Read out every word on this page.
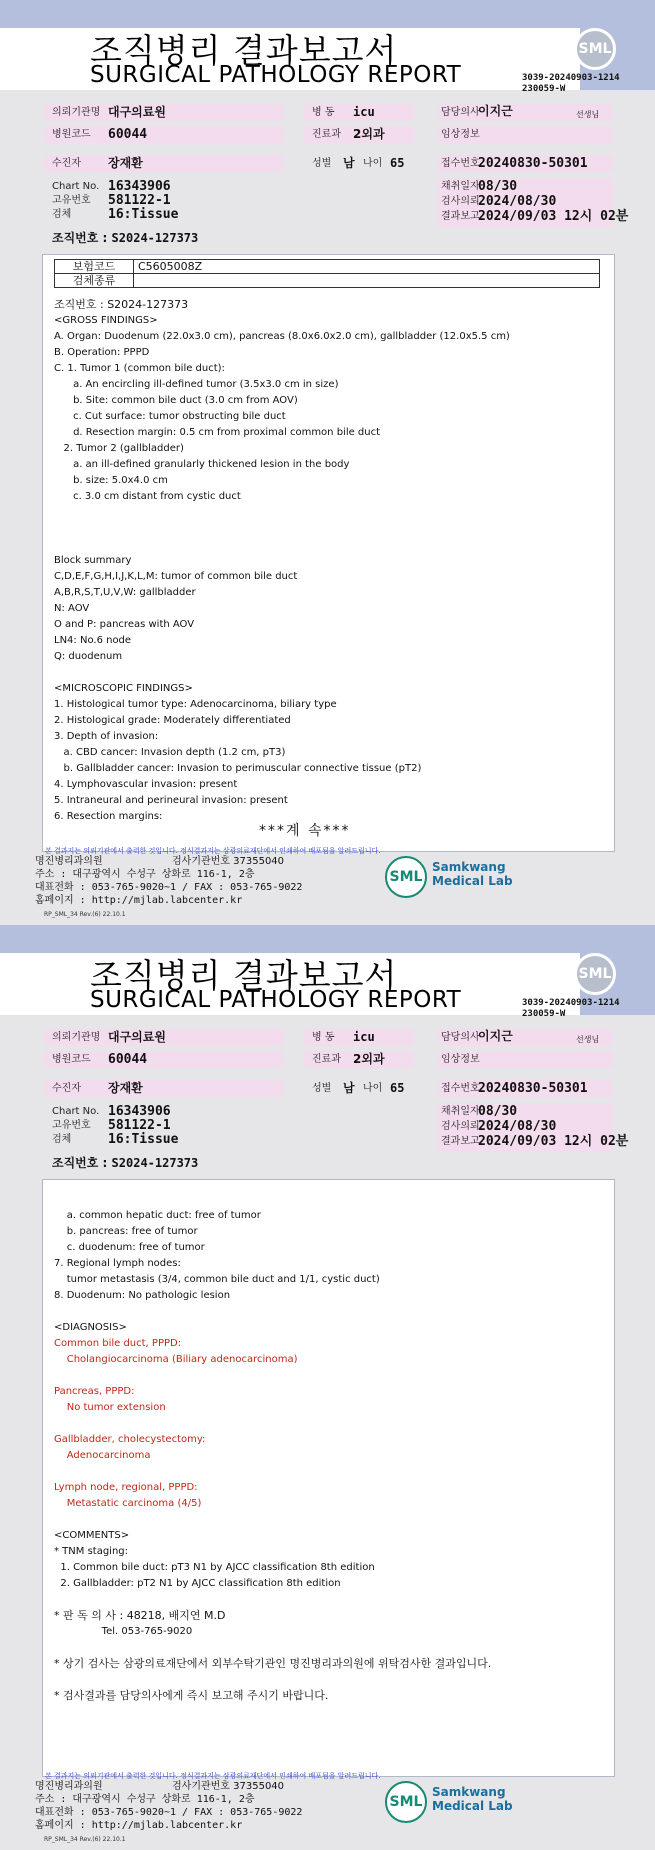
조직병리 결과보고서
SURGICAL PATHOLOGY REPORT
SML
3039-20240903-1214
230059-W
의뢰기관명 대구의료원
병원코드 60044
수진자 장재환
Chart No. 16343906
고유번호 581122-1
검체	16:Tissue
병 동 icu
진료과 2외과
성별 남 나이 65
담당의사
이지근	선생님
임상정보
접수번호
20240830-50301
채취일자
08/30
검사의뢰
2024/08/30
결과보고
2024/09/03 12시 02분
조직번호 : S2024-127373
보험코드	C5605008Z
검체종류	
조직번호 : S2024-127373
<GROSS FINDINGS>
A. Organ: Duodenum (22.0x3.0 cm), pancreas (8.0x6.0x2.0 cm), gallbladder (12.0x5.5 cm)
B. Operation: PPPD
C. 1. Tumor 1 (common bile duct):
a. An encircling ill-defined tumor (3.5x3.0 cm in size)
b. Site: common bile duct (3.0 cm from AOV)
c. Cut surface: tumor obstructing bile duct
d. Resection margin: 0.5 cm from proximal common bile duct
2. Tumor 2 (gallbladder)
a. an ill-defined granularly thickened lesion in the body
b. size: 5.0x4.0 cm
c. 3.0 cm distant from cystic duct
Block summary
C,D,E,F,G,H,I,J,K,L,M: tumor of common bile duct
A,B,R,S,T,U,V,W: gallbladder
N: AOV
O and P: pancreas with AOV
LN4: No.6 node
Q: duodenum
<MICROSCOPIC FINDINGS>
1. Histological tumor type: Adenocarcinoma, biliary type
2. Histological grade: Moderately differentiated
3. Depth of invasion:
a. CBD cancer: Invasion depth (1.2 cm, pT3)
b. Gallbladder cancer: Invasion to perimuscular connective tissue (pT2)
4. Lymphovascular invasion: present
5. Intraneural and perineural invasion: present
6. Resection margins:
***계 속***
본 결과지는 의뢰기관에서 출력한 것입니다. 정식결과지는 삼광의료재단에서 인쇄하여 배포됨을 알려드립니다.
명진병리과의원	검사기관번호 37355040
주소 : 대구광역시 수성구 상화로 116-1, 2층
대표전화 : 053-765-9020~1 / FAX : 053-765-9022
홈페이지 : http://mjlab.labcenter.kr
RP_SML_34 Rev.(6) 22.10.1
SML
Samkwang
Medical Lab
조직병리 결과보고서
SURGICAL PATHOLOGY REPORT
SML
3039-20240903-1214
230059-W
의뢰기관명 대구의료원
병원코드 60044
수진자 장재환
Chart No. 16343906
고유번호 581122-1
검체	16:Tissue
병 동 icu
진료과 2외과
성별 남 나이 65
담당의사
이지근	선생님
임상정보
접수번호
20240830-50301
채취일자
08/30
검사의뢰
2024/08/30
결과보고
2024/09/03 12시 02분
조직번호 : S2024-127373
a. common hepatic duct: free of tumor
b. pancreas: free of tumor
c. duodenum: free of tumor
7. Regional lymph nodes:
tumor metastasis (3/4, common bile duct and 1/1, cystic duct)
8. Duodenum: No pathologic lesion
<DIAGNOSIS>
Common bile duct, PPPD:
Cholangiocarcinoma (Biliary adenocarcinoma)
Pancreas, PPPD:
No tumor extension
Gallbladder, cholecystectomy:
Adenocarcinoma
Lymph node, regional, PPPD:
Metastatic carcinoma (4/5)
<COMMENTS>
* TNM staging:
1. Common bile duct: pT3 N1 by AJCC classification 8th edition
2. Gallbladder: pT2 N1 by AJCC classification 8th edition
* 판 독 의 사 : 48218, 배지연 M.D
Tel. 053-765-9020
* 상기 검사는 삼광의료재단에서 외부수탁기관인 명진병리과의원에 위탁검사한 결과입니다.
* 검사결과를 담당의사에게 즉시 보고해 주시기 바랍니다.
본 결과지는 의뢰기관에서 출력한 것입니다. 정식결과지는 삼광의료재단에서 인쇄하여 배포됨을 알려드립니다.
명진병리과의원	검사기관번호 37355040
주소 : 대구광역시 수성구 상화로 116-1, 2층
대표전화 : 053-765-9020~1 / FAX : 053-765-9022
홈페이지 : http://mjlab.labcenter.kr
RP_SML_34 Rev.(6) 22.10.1
SML
Samkwang
Medical Lab
